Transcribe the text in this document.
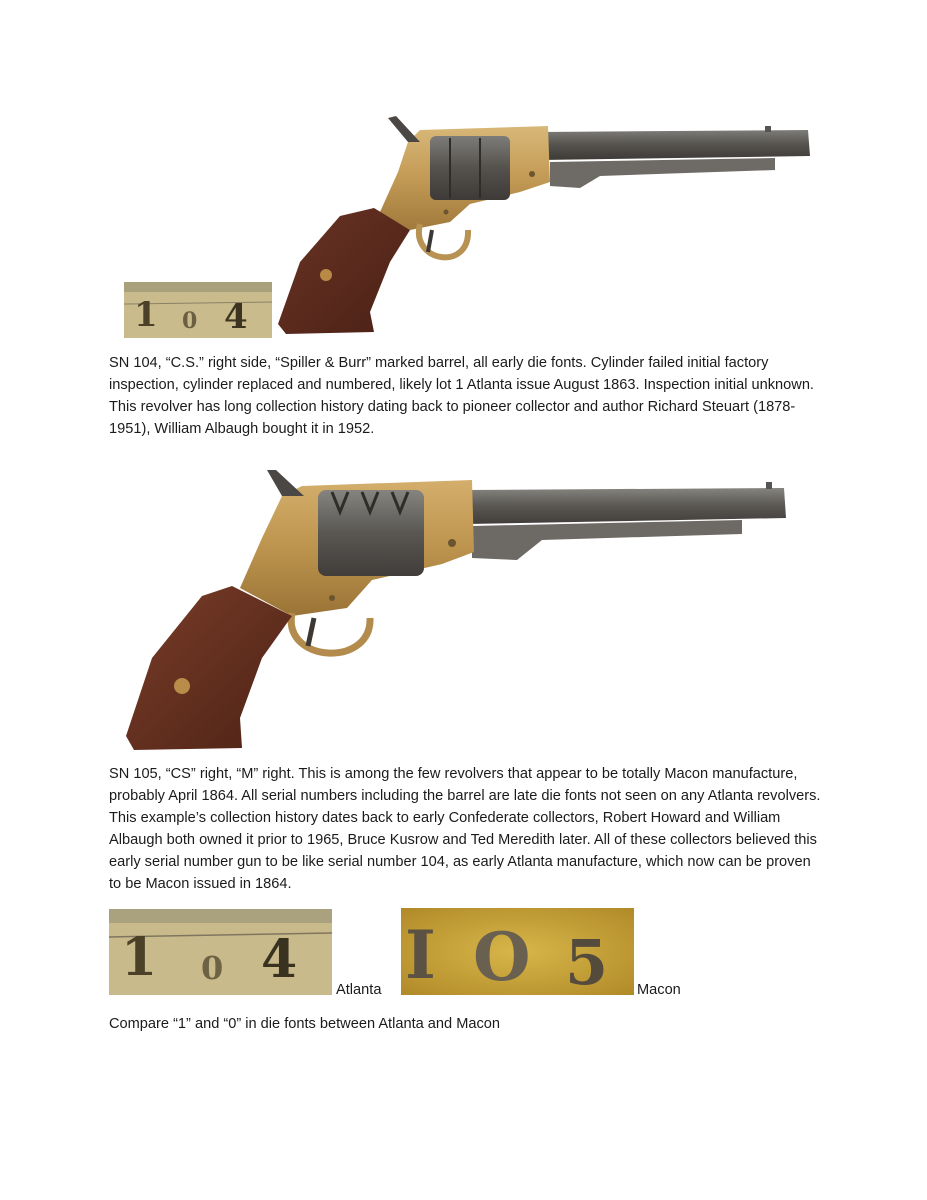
1 0 4

SN 104, “C.S.” right side, “Spiller & Burr” marked barrel, all early die fonts. Cylinder failed initial factory inspection, cylinder replaced and numbered, likely lot 1 Atlanta issue August 1863. Inspection initial unknown. This revolver has long collection history dating back to pioneer collector and author Richard Steuart (1878-1951), William Albaugh bought it in 1952.

SN 105, “CS” right, “M” right. This is among the few revolvers that appear to be totally Macon manufacture, probably April 1864. All serial numbers including the barrel are late die fonts not seen on any Atlanta revolvers. This example’s collection history dates back to early Confederate collectors, Robert Howard and William Albaugh both owned it prior to 1965, Bruce Kusrow and Ted Meredith later. All of these collectors believed this early serial number gun to be like serial number 104, as early Atlanta manufacture, which now can be proven to be Macon issued in 1864.

1 0 4	Atlanta I O 5 Macon
Compare “1” and “0” in die fonts between Atlanta and Macon
